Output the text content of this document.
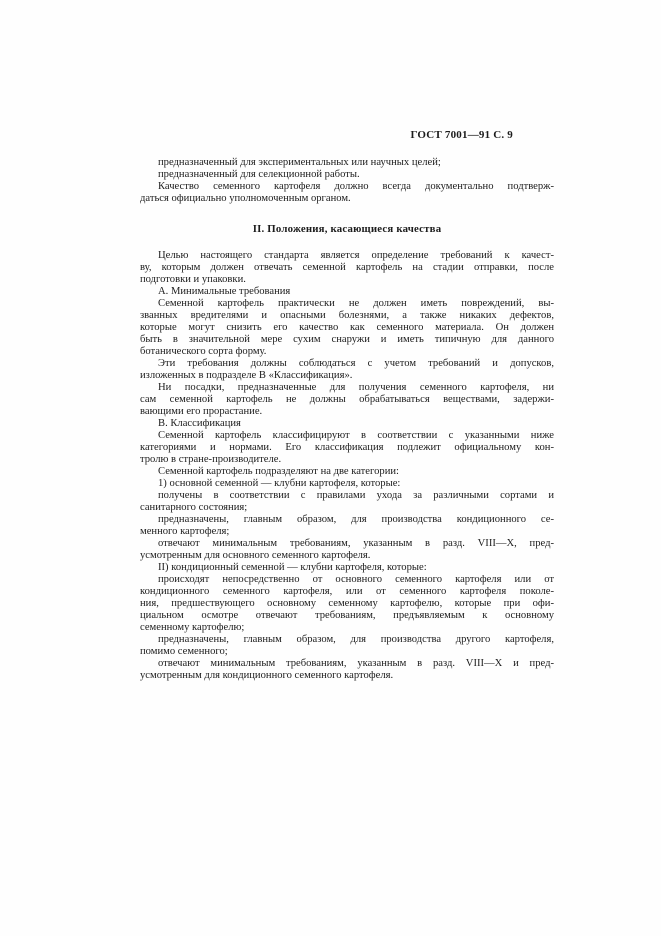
ГОСТ 7001—91 С. 9
предназначенный для экспериментальных или научных целей;
предназначенный для селекционной работы.
Качество семенного картофеля должно всегда документально подтверж-
даться официально уполномоченным органом.
II. Положения, касающиеся качества
Целью настоящего стандарта является определение требований к качест-
ву, которым должен отвечать семенной картофель на стадии отправки, после
подготовки и упаковки.
А. Минимальные требования
Семенной картофель практически не должен иметь повреждений, вы-
званных вредителями и опасными болезнями, а также никаких дефектов,
которые могут снизить его качество как семенного материала. Он должен
быть в значительной мере сухим снаружи и иметь типичную для данного
ботанического сорта форму.
Эти требования должны соблюдаться с учетом требований и допусков,
изложенных в подразделе В «Классификация».
Ни посадки, предназначенные для получения семенного картофеля, ни
сам семенной картофель не должны обрабатываться веществами, задержи-
вающими его прорастание.
В. Классификация
Семенной картофель классифицируют в соответствии с указанными ниже
категориями и нормами. Его классификация подлежит официальному кон-
тролю в стране-производителе.
Семенной картофель подразделяют на две категории:
1) основной семенной — клубни картофеля, которые:
получены в соответствии с правилами ухода за различными сортами и
санитарного состояния;
предназначены, главным образом, для производства кондиционного се-
менного картофеля;
отвечают минимальным требованиям, указанным в разд. VIII—X, пред-
усмотренным для основного семенного картофеля.
II) кондиционный семенной — клубни картофеля, которые:
происходят непосредственно от основного семенного картофеля или от
кондиционного семенного картофеля, или от семенного картофеля поколе-
ния, предшествующего основному семенному картофелю, которые при офи-
циальном осмотре отвечают требованиям, предъявляемым к основному
семенному картофелю;
предназначены, главным образом, для производства другого картофеля,
помимо семенного;
отвечают минимальным требованиям, указанным в разд. VIII—X и пред-
усмотренным для кондиционного семенного картофеля.
